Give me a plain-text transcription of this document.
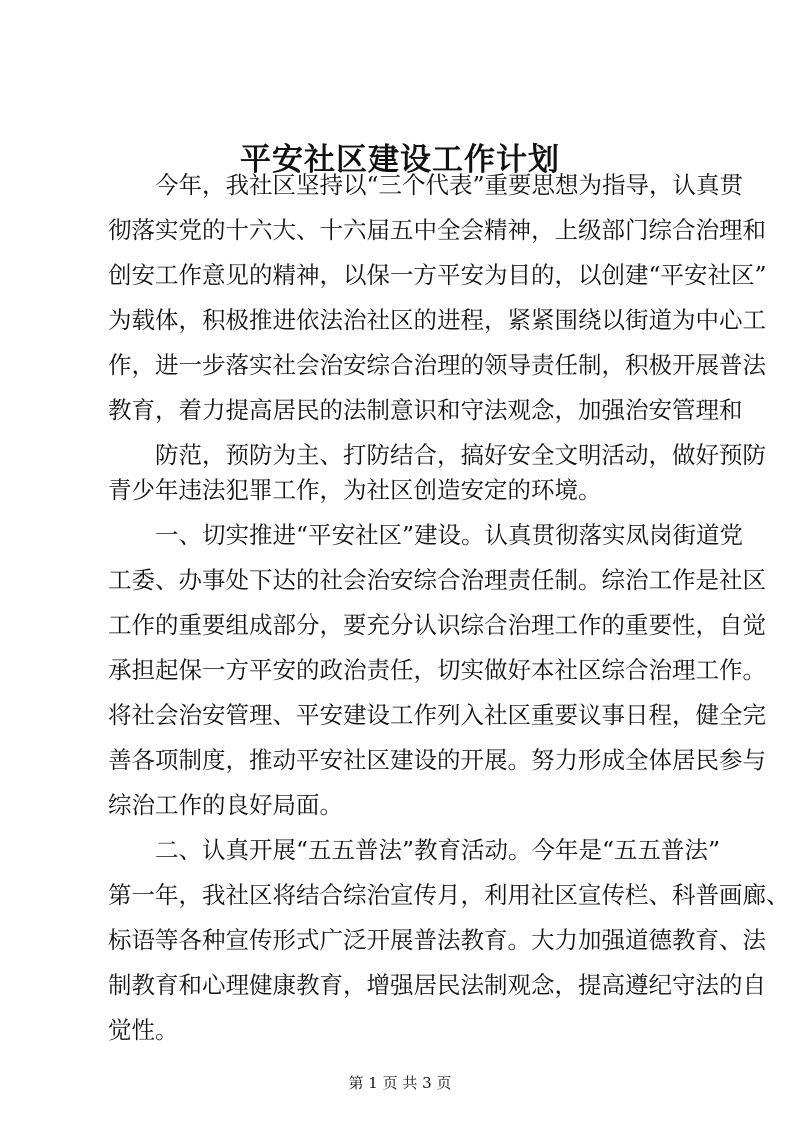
平安社区建设工作计划

今年，我社区坚持以“三个代表”重要思想为指导，认真贯

彻落实党的十六大、十六届五中全会精神，上级部门综合治理和

创安工作意见的精神，以保一方平安为目的，以创建“平安社区”

为载体，积极推进依法治社区的进程，紧紧围绕以街道为中心工

作，进一步落实社会治安综合治理的领导责任制，积极开展普法

教育，着力提高居民的法制意识和守法观念，加强治安管理和

防范，预防为主、打防结合，搞好安全文明活动，做好预防

青少年违法犯罪工作，为社区创造安定的环境。

一、切实推进“平安社区”建设。认真贯彻落实凤岗街道党

工委、办事处下达的社会治安综合治理责任制。综治工作是社区

工作的重要组成部分，要充分认识综合治理工作的重要性，自觉

承担起保一方平安的政治责任，切实做好本社区综合治理工作。

将社会治安管理、平安建设工作列入社区重要议事日程，健全完

善各项制度，推动平安社区建设的开展。努力形成全体居民参与

综治工作的良好局面。

二、认真开展“五五普法”教育活动。今年是“五五普法”

第一年，我社区将结合综治宣传月，利用社区宣传栏、科普画廊、

标语等各种宣传形式广泛开展普法教育。大力加强道德教育、法

制教育和心理健康教育，增强居民法制观念，提高遵纪守法的自

觉性。

第 1 页 共 3 页
